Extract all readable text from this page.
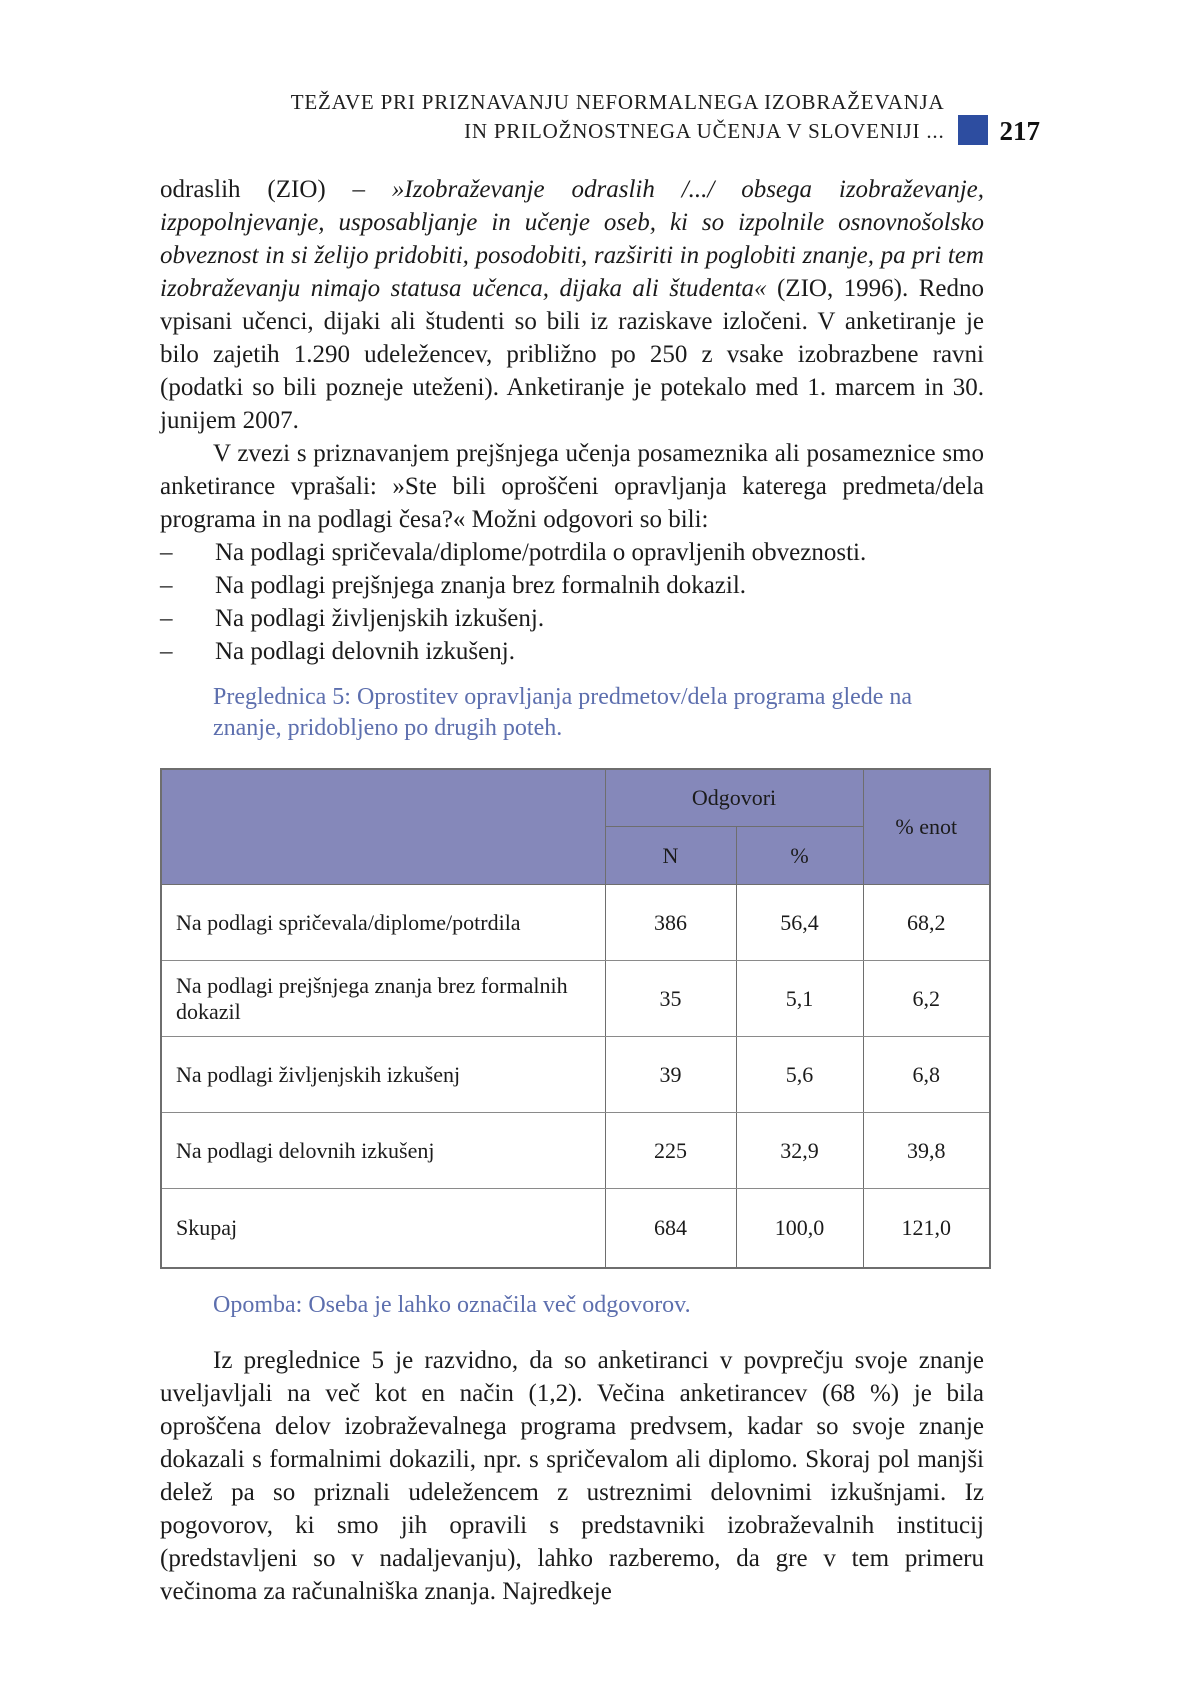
TEŽAVE PRI PRIZNAVANJU NEFORMALNEGA IZOBRAŽEVANJA
IN PRILOŽNOSTNEGA UČENJA V SLOVENIJI ... 217

odraslih (ZIO) – »Izobraževanje odraslih /.../ obsega izobraževanje, izpopolnjevanje, usposabljanje in učenje oseb, ki so izpolnile osnovnošolsko obveznost in si želijo pridobiti, posodobiti, razširiti in poglobiti znanje, pa pri tem izobraževanju nimajo statusa učenca, dijaka ali študenta« (ZIO, 1996). Redno vpisani učenci, dijaki ali študenti so bili iz raziskave izločeni. V anketiranje je bilo zajetih 1.290 udeležencev, približno po 250 z vsake izobrazbene ravni (podatki so bili pozneje uteženi). Anketiranje je potekalo med 1. marcem in 30. junijem 2007.

V zvezi s priznavanjem prejšnjega učenja posameznika ali posameznice smo anketirance vprašali: »Ste bili oproščeni opravljanja katerega predmeta/dela programa in na podlagi česa?« Možni odgovori so bili:

–	Na podlagi spričevala/diplome/potrdila o opravljenih obveznosti.
–	Na podlagi prejšnjega znanja brez formalnih dokazil.
–	Na podlagi življenjskih izkušenj.
–	Na podlagi delovnih izkušenj.
Preglednica 5: Oprostitev opravljanja predmetov/dela programa glede na znanje, pridobljeno po drugih poteh.
	Odgovori		% enot
	N	%	
Na podlagi spričevala/diplome/potrdila	386	56,4	68,2
Na podlagi prejšnjega znanja brez formalnih dokazil	35	5,1	6,2
Na podlagi življenjskih izkušenj	39	5,6	6,8
Na podlagi delovnih izkušenj	225	32,9	39,8
Skupaj	684	100,0	121,0
Opomba: Oseba je lahko označila več odgovorov.

Iz preglednice 5 je razvidno, da so anketiranci v povprečju svoje znanje uveljavljali na več kot en način (1,2). Večina anketirancev (68 %) je bila oproščena delov izobraževalnega programa predvsem, kadar so svoje znanje dokazali s formalnimi dokazili, npr. s spričevalom ali diplomo. Skoraj pol manjši delež pa so priznali udeležencem z ustreznimi delovnimi izkušnjami. Iz pogovorov, ki smo jih opravili s predstavniki izobraževalnih institucij (predstavljeni so v nadaljevanju), lahko razberemo, da gre v tem primeru večinoma za računalniška znanja. Najredkeje
